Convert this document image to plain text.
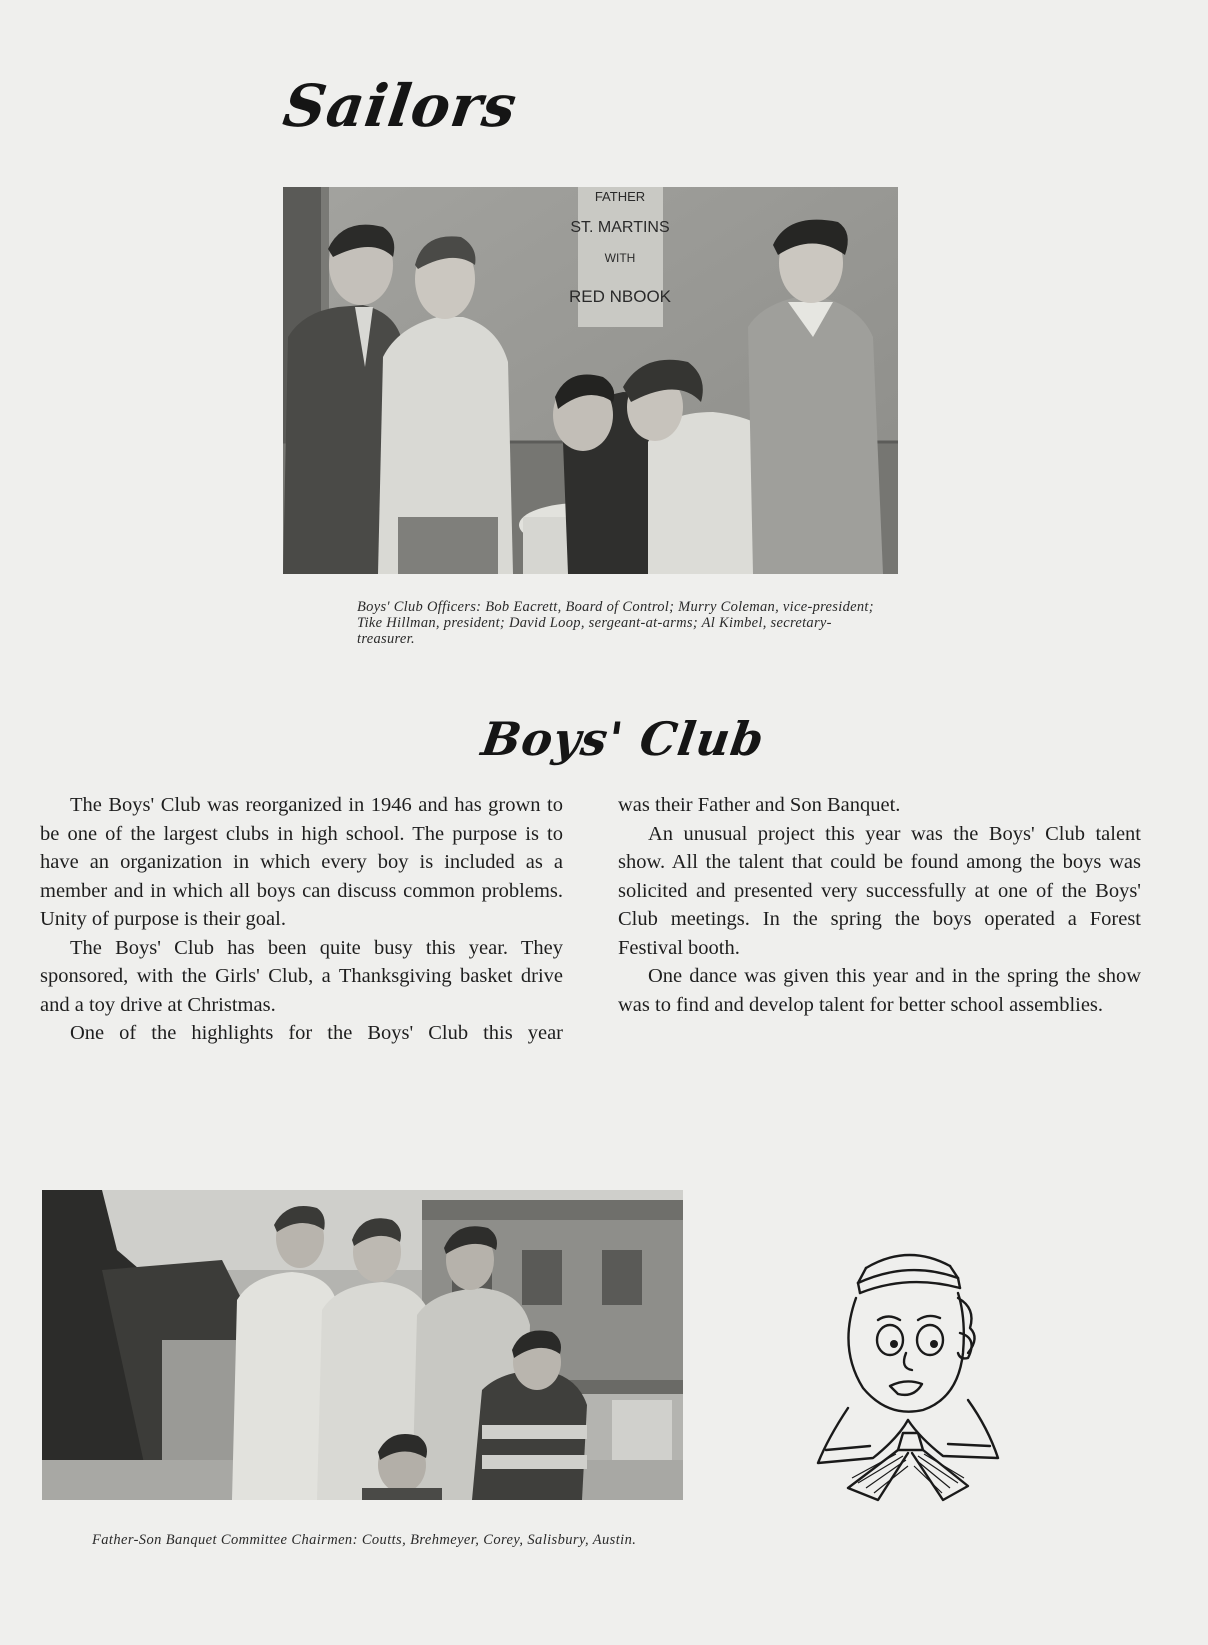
Sailors
FATHER
ST. MARTINS
WITH
RED NBOOK

Boys' Club Officers: Bob Eacrett, Board of Control; Murry Coleman, vice-president; Tike Hillman, president; David Loop, sergeant-at-arms; Al Kimbel, secretary-treasurer.

Boys' Club

The Boys' Club was reorganized in 1946 and has grown to be one of the largest clubs in high school. The purpose is to have an organization in which every boy is included as a member and in which all boys can discuss common problems. Unity of purpose is their goal.

The Boys' Club has been quite busy this year. They sponsored, with the Girls' Club, a Thanksgiving basket drive and a toy drive at Christmas.

One of the highlights for the Boys' Club this year

was their Father and Son Banquet.

An unusual project this year was the Boys' Club talent show. All the talent that could be found among the boys was solicited and presented very successfully at one of the Boys' Club meetings. In the spring the boys operated a Forest Festival booth.

One dance was given this year and in the spring the show was to find and develop talent for better school assemblies.

Father-Son Banquet Committee Chairmen: Coutts, Brehmeyer, Corey, Salisbury, Austin.
